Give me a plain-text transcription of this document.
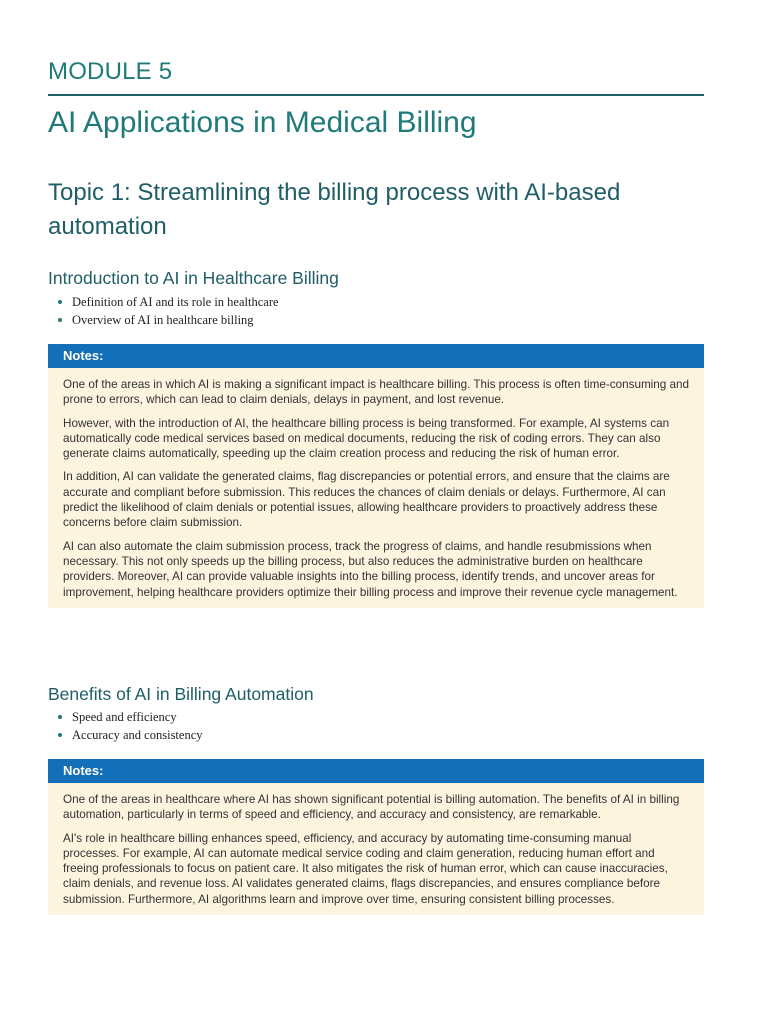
MODULE 5
AI Applications in Medical Billing
Topic 1: Streamlining the billing process with AI-based automation
Introduction to AI in Healthcare Billing
Definition of AI and its role in healthcare
Overview of AI in healthcare billing
Notes:

One of the areas in which AI is making a significant impact is healthcare billing. This process is often time-consuming and prone to errors, which can lead to claim denials, delays in payment, and lost revenue.

However, with the introduction of AI, the healthcare billing process is being transformed. For example, AI systems can automatically code medical services based on medical documents, reducing the risk of coding errors. They can also generate claims automatically, speeding up the claim creation process and reducing the risk of human error.

In addition, AI can validate the generated claims, flag discrepancies or potential errors, and ensure that the claims are accurate and compliant before submission. This reduces the chances of claim denials or delays. Furthermore, AI can predict the likelihood of claim denials or potential issues, allowing healthcare providers to proactively address these concerns before claim submission.

AI can also automate the claim submission process, track the progress of claims, and handle resubmissions when necessary. This not only speeds up the billing process, but also reduces the administrative burden on healthcare providers. Moreover, AI can provide valuable insights into the billing process, identify trends, and uncover areas for improvement, helping healthcare providers optimize their billing process and improve their revenue cycle management.

Benefits of AI in Billing Automation
Speed and efficiency
Accuracy and consistency
Notes:

One of the areas in healthcare where AI has shown significant potential is billing automation. The benefits of AI in billing automation, particularly in terms of speed and efficiency, and accuracy and consistency, are remarkable.

AI's role in healthcare billing enhances speed, efficiency, and accuracy by automating time-consuming manual processes. For example, AI can automate medical service coding and claim generation, reducing human effort and freeing professionals to focus on patient care. It also mitigates the risk of human error, which can cause inaccuracies, claim denials, and revenue loss. AI validates generated claims, flags discrepancies, and ensures compliance before submission. Furthermore, AI algorithms learn and improve over time, ensuring consistent billing processes.
